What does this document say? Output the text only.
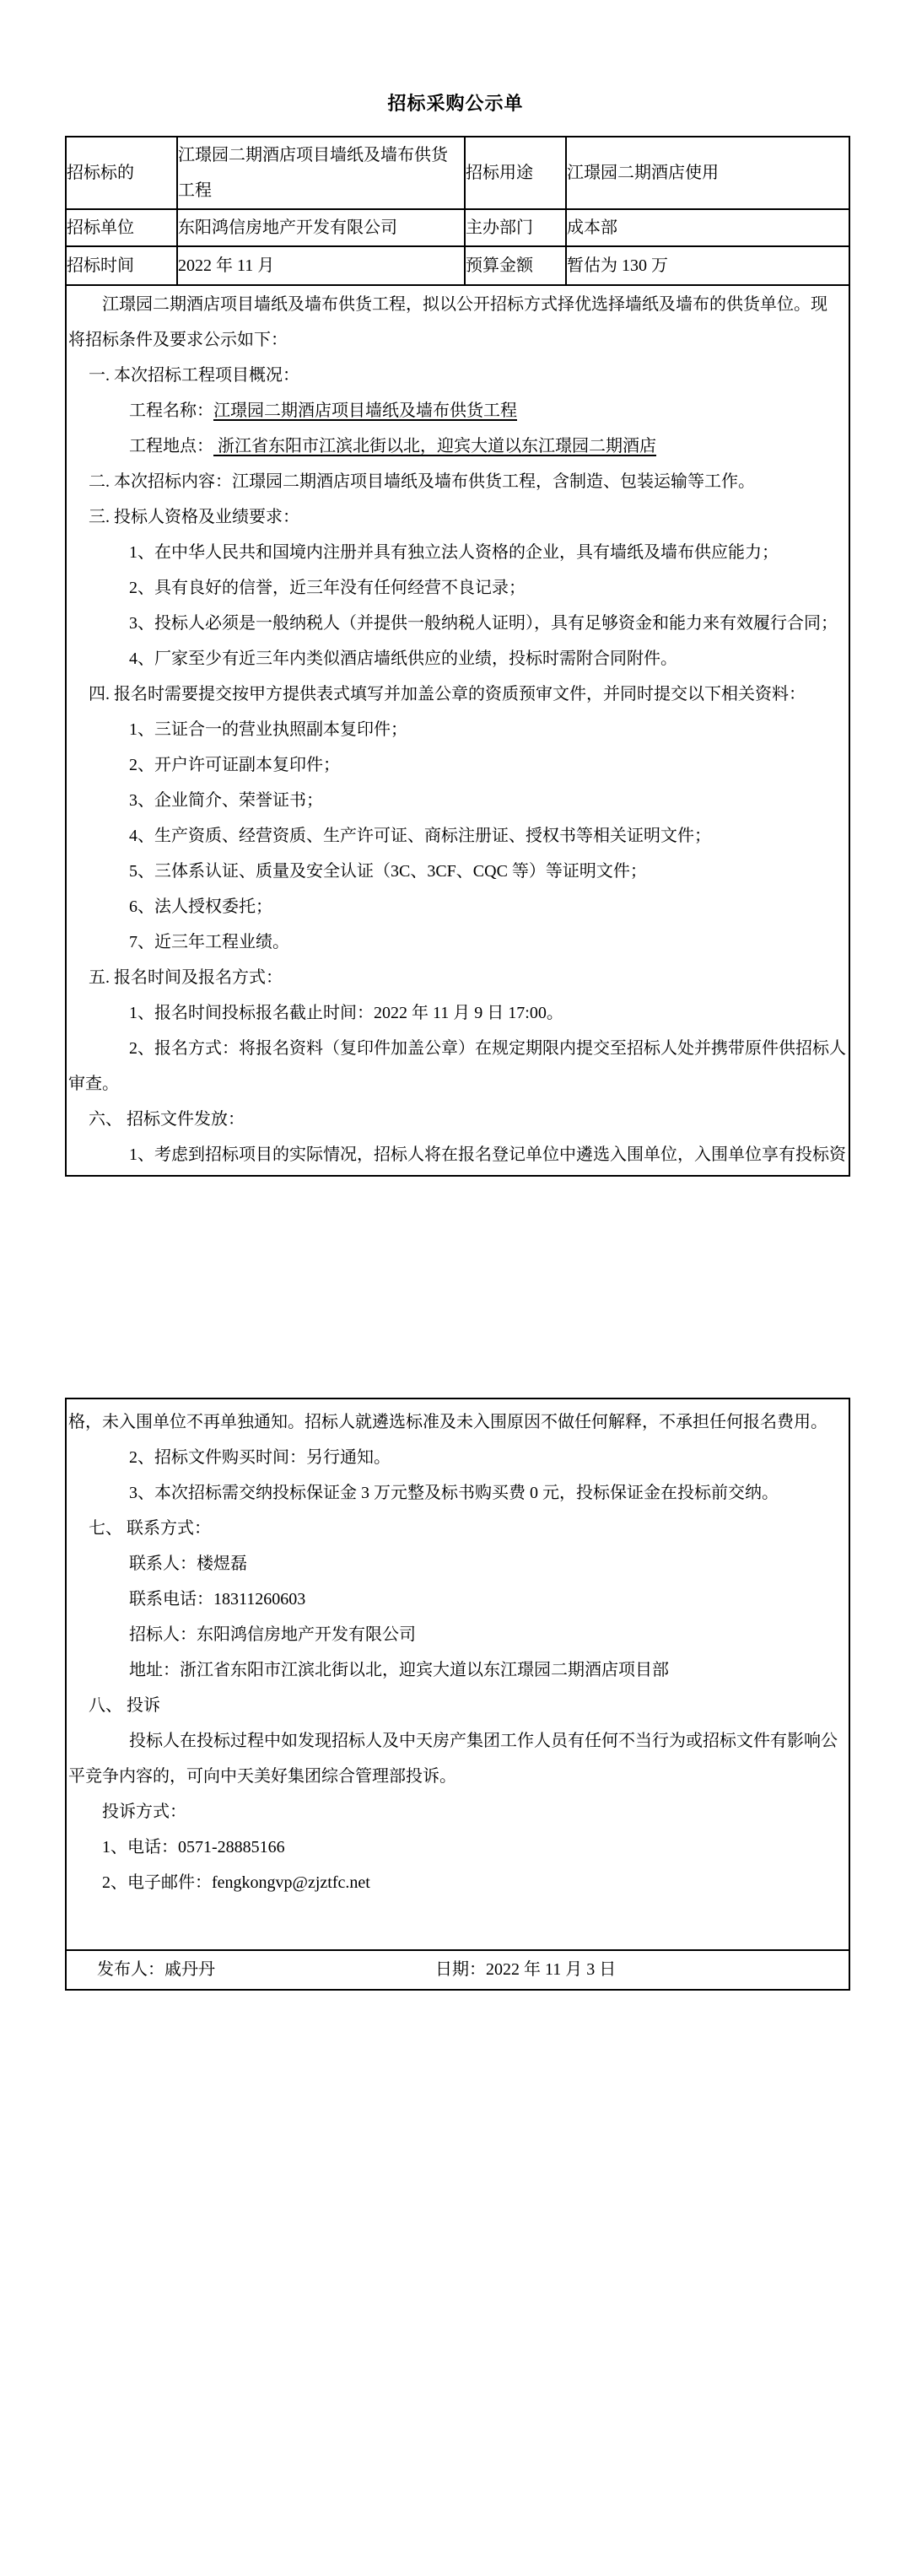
招标采购公示单
招标标的	江璟园二期酒店项目墙纸及墙布供货工程	招标用途	江璟园二期酒店使用
招标单位	东阳鸿信房地产开发有限公司	主办部门	成本部
招标时间	2022 年 11 月	预算金额	暂估为 130 万
江璟园二期酒店项目墙纸及墙布供货工程，拟以公开招标方式择优选择墙纸及墙布的供货单位。现
将招标条件及要求公示如下：
一. 本次招标工程项目概况：
工程名称：江璟园二期酒店项目墙纸及墙布供货工程
工程地点： 浙江省东阳市江滨北街以北，迎宾大道以东江璟园二期酒店
二. 本次招标内容：江璟园二期酒店项目墙纸及墙布供货工程，含制造、包装运输等工作。
三. 投标人资格及业绩要求：
1、在中华人民共和国境内注册并具有独立法人资格的企业，具有墙纸及墙布供应能力；
2、具有良好的信誉，近三年没有任何经营不良记录；
3、投标人必须是一般纳税人（并提供一般纳税人证明），具有足够资金和能力来有效履行合同；
4、厂家至少有近三年内类似酒店墙纸供应的业绩，投标时需附合同附件。
四. 报名时需要提交按甲方提供表式填写并加盖公章的资质预审文件，并同时提交以下相关资料：
1、三证合一的营业执照副本复印件；
2、开户许可证副本复印件；
3、企业简介、荣誉证书；
4、生产资质、经营资质、生产许可证、商标注册证、授权书等相关证明文件；
5、三体系认证、质量及安全认证（3C、3CF、CQC 等）等证明文件；
6、法人授权委托；
7、近三年工程业绩。
五. 报名时间及报名方式：
1、报名时间投标报名截止时间：2022 年 11 月 9 日 17:00。
2、报名方式：将报名资料（复印件加盖公章）在规定期限内提交至招标人处并携带原件供招标人
审查。
六、 招标文件发放：
1、考虑到招标项目的实际情况，招标人将在报名登记单位中遴选入围单位，入围单位享有投标资
格，未入围单位不再单独通知。招标人就遴选标准及未入围原因不做任何解释，不承担任何报名费用。
2、招标文件购买时间：另行通知。
3、本次招标需交纳投标保证金 3 万元整及标书购买费 0 元，投标保证金在投标前交纳。
七、 联系方式：
联系人：楼煜磊
联系电话：18311260603
招标人：东阳鸿信房地产开发有限公司
地址：浙江省东阳市江滨北街以北，迎宾大道以东江璟园二期酒店项目部
八、 投诉
投标人在投标过程中如发现招标人及中天房产集团工作人员有任何不当行为或招标文件有影响公
平竞争内容的，可向中天美好集团综合管理部投诉。
投诉方式：
1、电话：0571-28885166
2、电子邮件：fengkongvp@zjztfc.net
发布人：戚丹丹	日期：2022 年 11 月 3 日
